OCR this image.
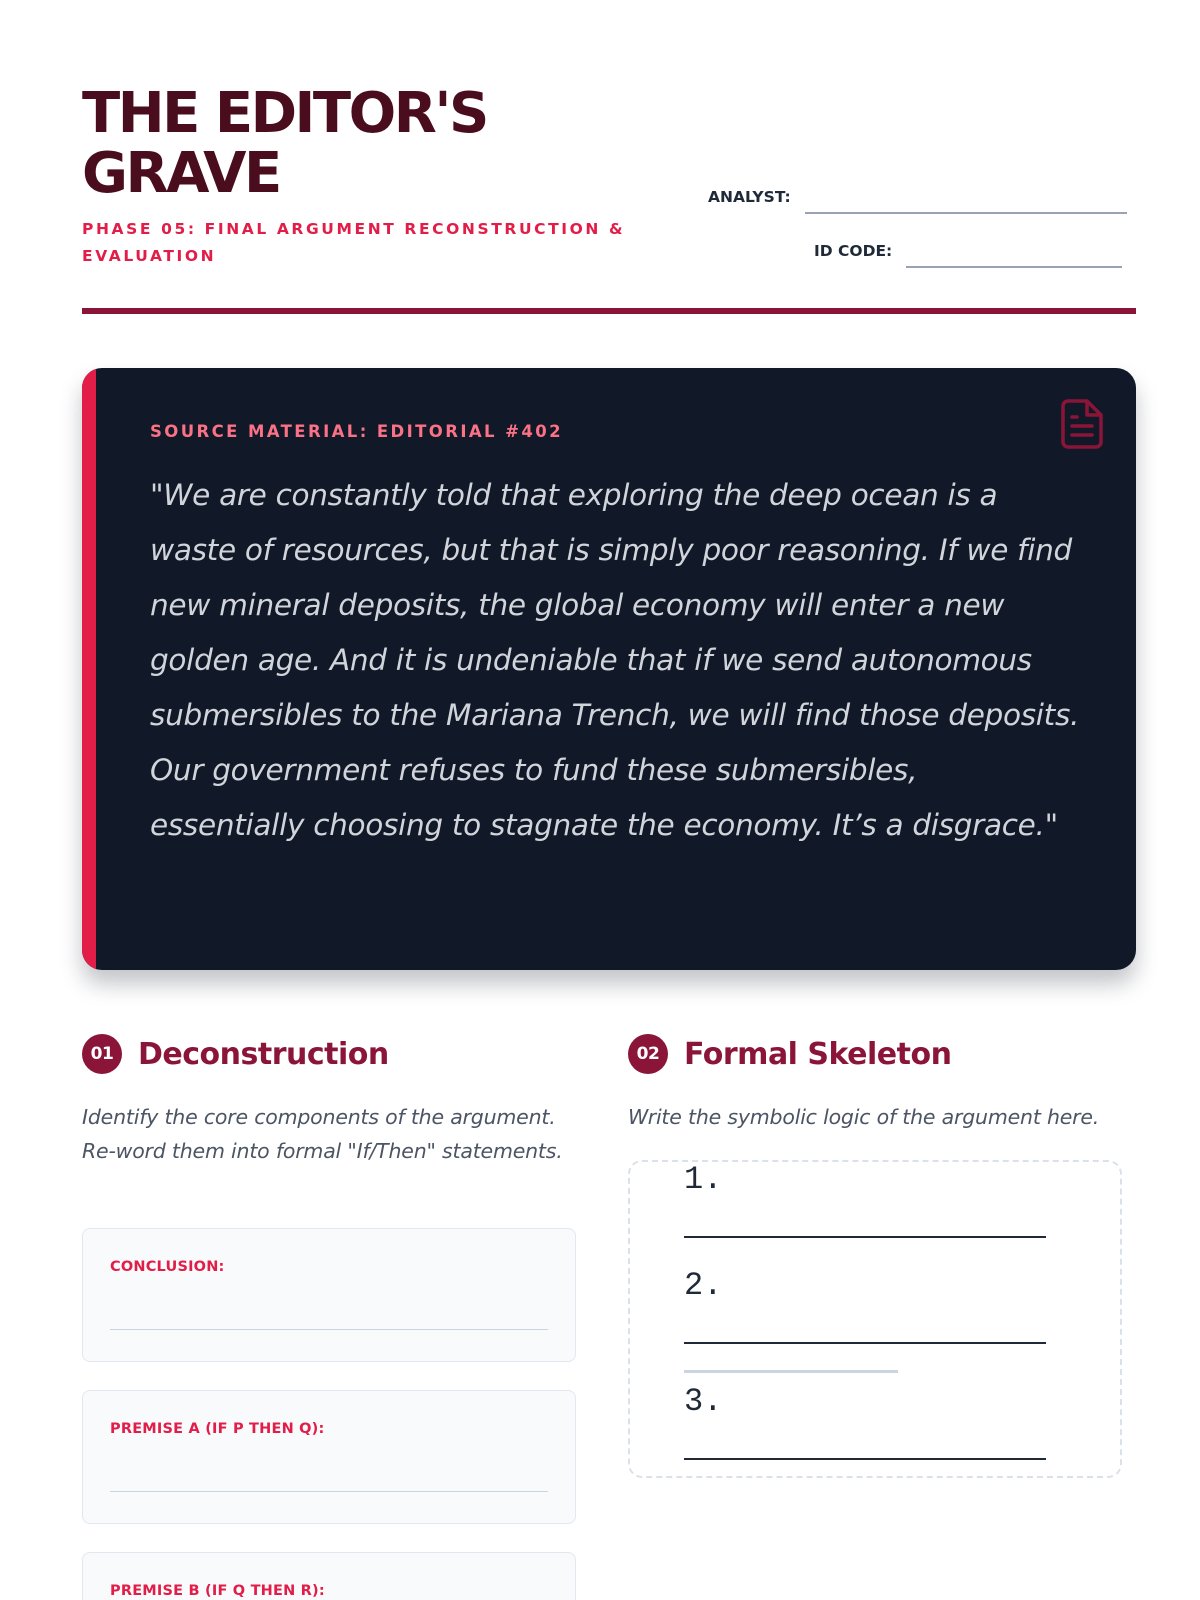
THE EDITOR'S GRAVE
PHASE 05: FINAL ARGUMENT RECONSTRUCTION & EVALUATION
ANALYST:
ID CODE:
SOURCE MATERIAL: EDITORIAL #402

"We are constantly told that exploring the deep ocean is a waste of resources, but that is simply poor reasoning. If we find new mineral deposits, the global economy will enter a new golden age. And it is undeniable that if we send autonomous submersibles to the Mariana Trench, we will find those deposits. Our government refuses to fund these submersibles, essentially choosing to stagnate the economy. It’s a disgrace."

01 Deconstruction

Identify the core components of the argument. Re-word them into formal "If/Then" statements.

CONCLUSION:
PREMISE A (IF P THEN Q):
PREMISE B (IF Q THEN R):
02 Formal Skeleton

Write the symbolic logic of the argument here.

1.
2.
3.
